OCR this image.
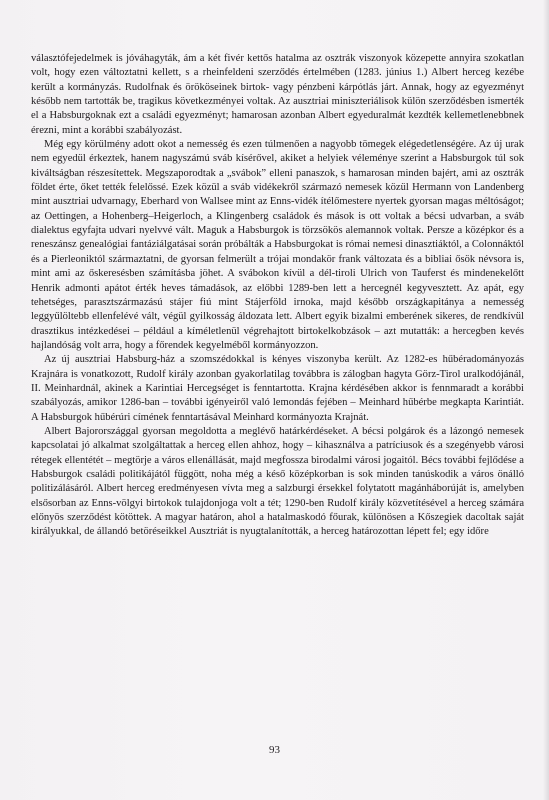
választófejedelmek is jóváhagyták, ám a két fivér kettős hatalma az osztrák viszonyok közepette annyira szokatlan volt, hogy ezen változtatni kellett, s a rheinfeldeni szerződés értelmében (1283. június 1.) Albert herceg kezébe került a kormányzás. Rudolfnak és örököseinek birtok- vagy pénzbeni kárpótlás járt. Annak, hogy az egyezményt később nem tartották be, tragikus következményei voltak. Az ausztriai miniszteriálisok külön szerződésben ismerték el a Habsburgoknak ezt a családi egyezményt; hamarosan azonban Albert egyeduralmát kezdték kellemetlenebbnek érezni, mint a korábbi szabályozást.

Még egy körülmény adott okot a nemesség és ezen túlmenően a nagyobb tömegek elégedetlenségére. Az új urak nem egyedül érkeztek, hanem nagyszámú sváb kísérővel, akiket a helyiek véleménye szerint a Habsburgok túl sok kiváltságban részesítettek. Megszaporodtak a „svábok” elleni panaszok, s hamarosan minden bajért, ami az osztrák földet érte, őket tették felelőssé. Ezek közül a sváb vidékekről származó nemesek közül Hermann von Landenberg mint ausztriai udvarnagy, Eberhard von Wallsee mint az Enns-vidék ítélőmestere nyertek gyorsan magas méltóságot; az Oettingen, a Hohenberg–Heigerloch, a Klingenberg családok és mások is ott voltak a bécsi udvarban, a sváb dialektus egyfajta udvari nyelvvé vált. Maguk a Habsburgok is törzsökös alemannok voltak. Persze a középkor és a reneszánsz genealógiai fantáziálgatásai során próbálták a Habsburgokat is római nemesi dinasztiáktól, a Colonnáktól és a Pierleoniktól származtatni, de gyorsan felmerült a trójai mondakör frank változata és a bibliai ősök névsora is, mint ami az őskeresésben számításba jöhet. A svábokon kívül a dél-tiroli Ulrich von Tauferst és mindenekelőtt Henrik admonti apátot érték heves támadások, az előbbi 1289-ben lett a hercegnél kegyvesztett. Az apát, egy tehetséges, parasztszármazású stájer fiú mint Stájerföld irnoka, majd később országkapitánya a nemesség leggyűlöltebb ellenfelévé vált, végül gyilkosság áldozata lett. Albert egyik bizalmi emberének sikeres, de rendkívül drasztikus intézkedései – például a kíméletlenül végrehajtott birtokelkobzások – azt mutatták: a hercegben kevés hajlandóság volt arra, hogy a főrendek kegyelméből kormányozzon.

Az új ausztriai Habsburg-ház a szomszédokkal is kényes viszonyba került. Az 1282-es hűbéradományozás Krajnára is vonatkozott, Rudolf király azonban gyakorlatilag továbbra is zálogban hagyta Görz-Tirol uralkodójánál, II. Meinhardnál, akinek a Karintiai Hercegséget is fenntartotta. Krajna kérdésében akkor is fennmaradt a korábbi szabályozás, amikor 1286-ban – további igényeiről való lemondás fejében – Meinhard hűbérbe megkapta Karintiát. A Habsburgok hűbérúri címének fenntartásával Meinhard kormányozta Krajnát.

Albert Bajorországgal gyorsan megoldotta a meglévő határkérdéseket. A bécsi polgárok és a lázongó nemesek kapcsolatai jó alkalmat szolgáltattak a herceg ellen ahhoz, hogy – kihasználva a patríciusok és a szegényebb városi rétegek ellentétét – megtörje a város ellenállását, majd megfossza birodalmi városi jogaitól. Bécs további fejlődése a Habsburgok családi politikájától függött, noha még a késő középkorban is sok minden tanúskodik a város önálló politizálásáról. Albert herceg eredményesen vívta meg a salzburgi érsekkel folytatott magánháborúját is, amelyben elsősorban az Enns-völgyi birtokok tulajdonjoga volt a tét; 1290-ben Rudolf király közvetítésével a herceg számára előnyös szerződést kötöttek. A magyar határon, ahol a hatalmaskodó főurak, különösen a Kőszegiek dacoltak saját királyukkal, de állandó betöréseikkel Ausztriát is nyugtalanították, a herceg határozottan lépett fel; egy időre

93
